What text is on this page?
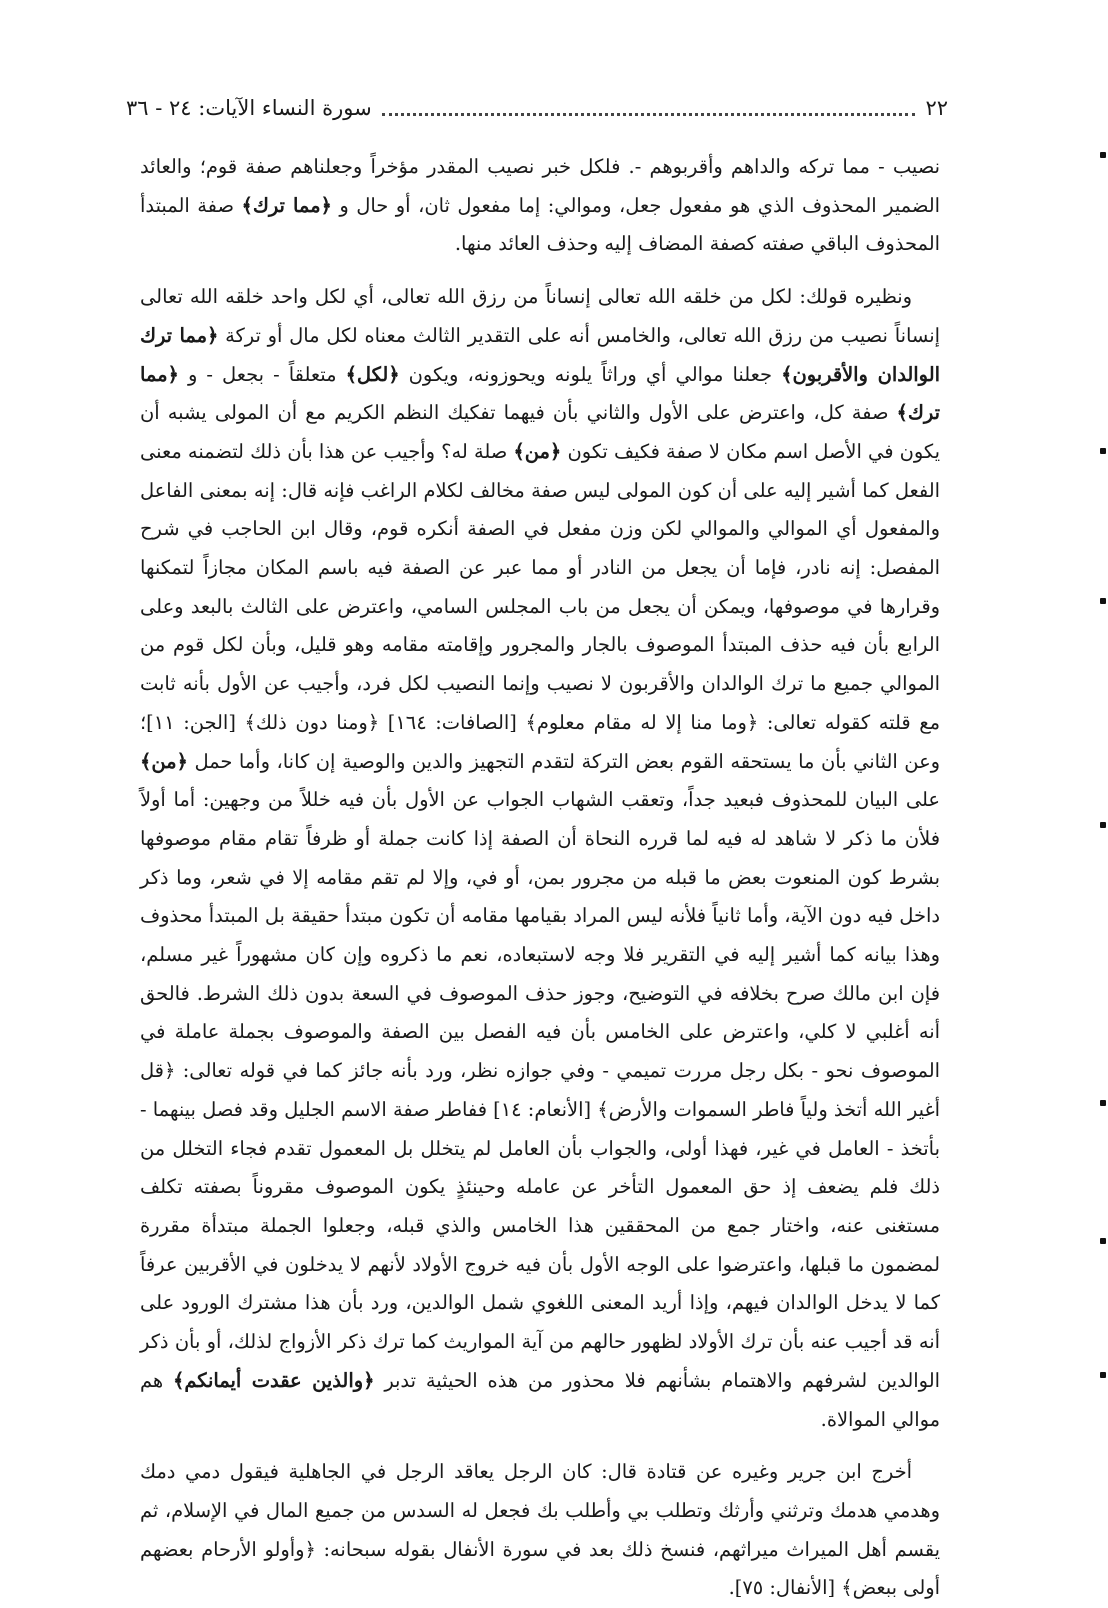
٢٢
سورة النساء الآيات: ٢٤ - ٣٦

نصيب - مما تركه والداهم وأقربوهم -. فلكل خبر نصيب المقدر مؤخراً وجعلناهم صفة قوم؛ والعائد الضمير المحذوف الذي هو مفعول جعل، وموالي: إما مفعول ثان، أو حال و ﴿مما ترك﴾ صفة المبتدأ المحذوف الباقي صفته كصفة المضاف إليه وحذف العائد منها.

ونظيره قولك: لكل من خلقه الله تعالى إنساناً من رزق الله تعالى، أي لكل واحد خلقه الله تعالى إنساناً نصيب من رزق الله تعالى، والخامس أنه على التقدير الثالث معناه لكل مال أو تركة ﴿مما ترك الوالدان والأقربون﴾ جعلنا موالي أي وراثاً يلونه ويحوزونه، ويكون ﴿لكل﴾ متعلقاً - بجعل - و ﴿مما ترك﴾ صفة كل، واعترض على الأول والثاني بأن فيهما تفكيك النظم الكريم مع أن المولى يشبه أن يكون في الأصل اسم مكان لا صفة فكيف تكون ﴿من﴾ صلة له؟ وأجيب عن هذا بأن ذلك لتضمنه معنى الفعل كما أشير إليه على أن كون المولى ليس صفة مخالف لكلام الراغب فإنه قال: إنه بمعنى الفاعل والمفعول أي الموالي والموالي لكن وزن مفعل في الصفة أنكره قوم، وقال ابن الحاجب في شرح المفصل: إنه نادر، فإما أن يجعل من النادر أو مما عبر عن الصفة فيه باسم المكان مجازاً لتمكنها وقرارها في موصوفها، ويمكن أن يجعل من باب المجلس السامي، واعترض على الثالث بالبعد وعلى الرابع بأن فيه حذف المبتدأ الموصوف بالجار والمجرور وإقامته مقامه وهو قليل، وبأن لكل قوم من الموالي جميع ما ترك الوالدان والأقربون لا نصيب وإنما النصيب لكل فرد، وأجيب عن الأول بأنه ثابت مع قلته كقوله تعالى: ﴿وما منا إلا له مقام معلوم﴾ [الصافات: ١٦٤] ﴿ومنا دون ذلك﴾ [الجن: ١١]؛ وعن الثاني بأن ما يستحقه القوم بعض التركة لتقدم التجهيز والدين والوصية إن كانا، وأما حمل ﴿من﴾ على البيان للمحذوف فبعيد جداً، وتعقب الشهاب الجواب عن الأول بأن فيه خللاً من وجهين: أما أولاً فلأن ما ذكر لا شاهد له فيه لما قرره النحاة أن الصفة إذا كانت جملة أو ظرفاً تقام مقام موصوفها بشرط كون المنعوت بعض ما قبله من مجرور بمن، أو في، وإلا لم تقم مقامه إلا في شعر، وما ذكر داخل فيه دون الآية، وأما ثانياً فلأنه ليس المراد بقيامها مقامه أن تكون مبتدأ حقيقة بل المبتدأ محذوف وهذا بيانه كما أشير إليه في التقرير فلا وجه لاستبعاده، نعم ما ذكروه وإن كان مشهوراً غير مسلم، فإن ابن مالك صرح بخلافه في التوضيح، وجوز حذف الموصوف في السعة بدون ذلك الشرط. فالحق أنه أغلبي لا كلي، واعترض على الخامس بأن فيه الفصل بين الصفة والموصوف بجملة عاملة في الموصوف نحو - بكل رجل مررت تميمي - وفي جوازه نظر، ورد بأنه جائز كما في قوله تعالى: ﴿قل أغير الله أتخذ ولياً فاطر السموات والأرض﴾ [الأنعام: ١٤] ففاطر صفة الاسم الجليل وقد فصل بينهما - بأتخذ - العامل في غير، فهذا أولى، والجواب بأن العامل لم يتخلل بل المعمول تقدم فجاء التخلل من ذلك فلم يضعف إذ حق المعمول التأخر عن عامله وحينئذٍ يكون الموصوف مقروناً بصفته تكلف مستغنى عنه، واختار جمع من المحققين هذا الخامس والذي قبله، وجعلوا الجملة مبتدأة مقررة لمضمون ما قبلها، واعترضوا على الوجه الأول بأن فيه خروج الأولاد لأنهم لا يدخلون في الأقربين عرفاً كما لا يدخل الوالدان فيهم، وإذا أريد المعنى اللغوي شمل الوالدين، ورد بأن هذا مشترك الورود على أنه قد أجيب عنه بأن ترك الأولاد لظهور حالهم من آية المواريث كما ترك ذكر الأزواج لذلك، أو بأن ذكر الوالدين لشرفهم والاهتمام بشأنهم فلا محذور من هذه الحيثية تدبر ﴿والذين عقدت أيمانكم﴾ هم موالي الموالاة.

أخرج ابن جرير وغيره عن قتادة قال: كان الرجل يعاقد الرجل في الجاهلية فيقول دمي دمك وهدمي هدمك وترثني وأرثك وتطلب بي وأطلب بك فجعل له السدس من جميع المال في الإسلام، ثم يقسم أهل الميراث ميراثهم، فنسخ ذلك بعد في سورة الأنفال بقوله سبحانه: ﴿وأولو الأرحام بعضهم أولى ببعض﴾ [الأنفال: ٧٥].
